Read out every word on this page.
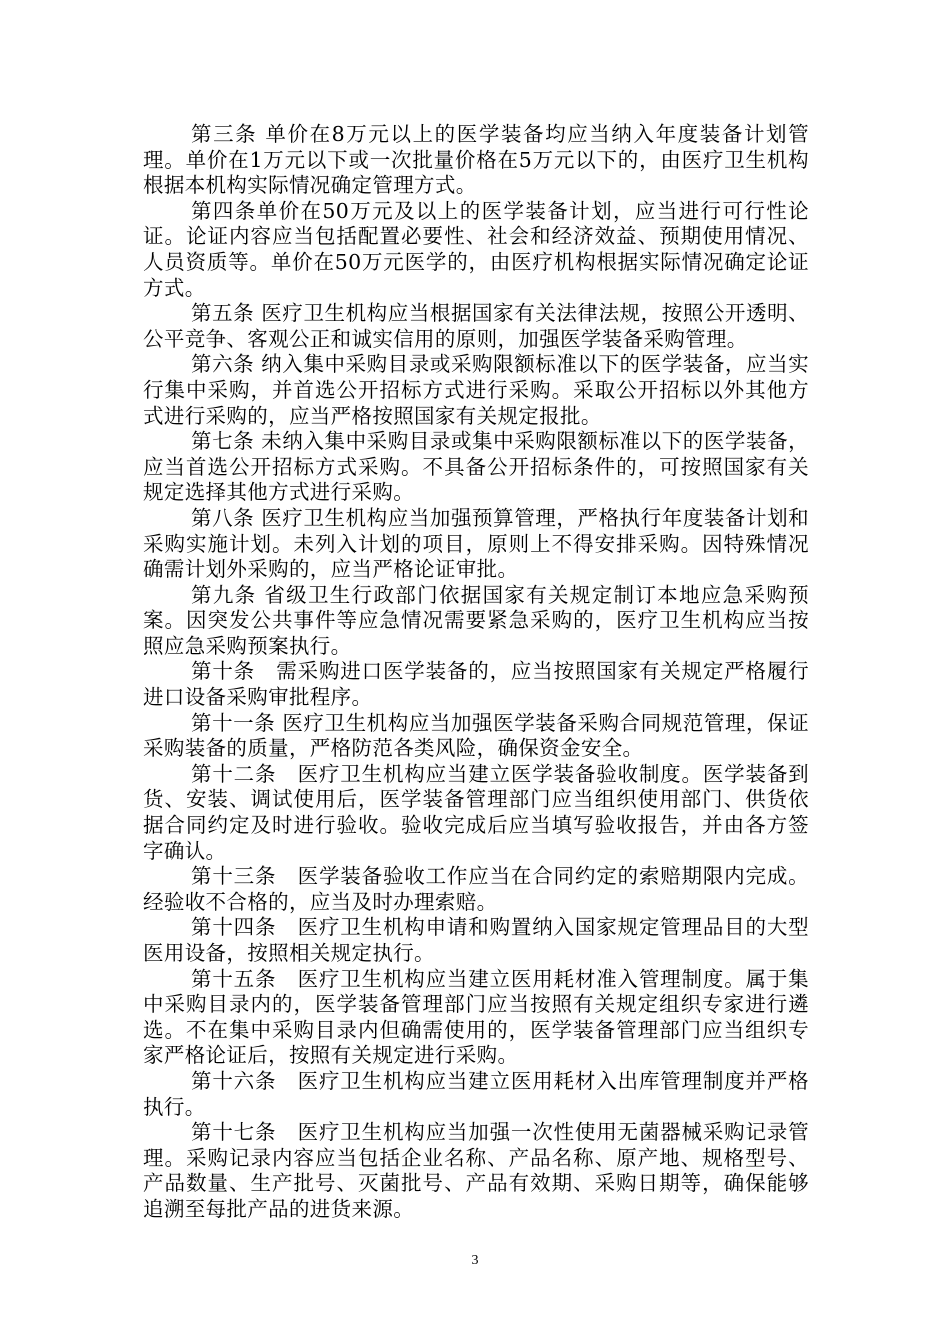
第三条 单价在8万元以上的医学装备均应当纳入年度装备计划管理。单价在1万元以下或一次批量价格在5万元以下的，由医疗卫生机构根据本机构实际情况确定管理方式。

第四条单价在50万元及以上的医学装备计划，应当进行可行性论证。论证内容应当包括配置必要性、社会和经济效益、预期使用情况、人员资质等。单价在50万元医学的，由医疗机构根据实际情况确定论证方式。

第五条 医疗卫生机构应当根据国家有关法律法规，按照公开透明、公平竞争、客观公正和诚实信用的原则，加强医学装备采购管理。

第六条 纳入集中采购目录或采购限额标准以下的医学装备，应当实行集中采购，并首选公开招标方式进行采购。采取公开招标以外其他方式进行采购的，应当严格按照国家有关规定报批。

第七条 未纳入集中采购目录或集中采购限额标准以下的医学装备，应当首选公开招标方式采购。不具备公开招标条件的，可按照国家有关规定选择其他方式进行采购。

第八条 医疗卫生机构应当加强预算管理，严格执行年度装备计划和采购实施计划。未列入计划的项目，原则上不得安排采购。因特殊情况确需计划外采购的，应当严格论证审批。

第九条 省级卫生行政部门依据国家有关规定制订本地应急采购预案。因突发公共事件等应急情况需要紧急采购的，医疗卫生机构应当按照应急采购预案执行。

第十条　需采购进口医学装备的，应当按照国家有关规定严格履行进口设备采购审批程序。

第十一条 医疗卫生机构应当加强医学装备采购合同规范管理，保证采购装备的质量，严格防范各类风险，确保资金安全。

第十二条　医疗卫生机构应当建立医学装备验收制度。医学装备到货、安装、调试使用后，医学装备管理部门应当组织使用部门、供货依据合同约定及时进行验收。验收完成后应当填写验收报告，并由各方签字确认。

第十三条　医学装备验收工作应当在合同约定的索赔期限内完成。经验收不合格的，应当及时办理索赔。

第十四条　医疗卫生机构申请和购置纳入国家规定管理品目的大型医用设备，按照相关规定执行。

第十五条　医疗卫生机构应当建立医用耗材准入管理制度。属于集中采购目录内的，医学装备管理部门应当按照有关规定组织专家进行遴选。不在集中采购目录内但确需使用的，医学装备管理部门应当组织专家严格论证后，按照有关规定进行采购。

第十六条　医疗卫生机构应当建立医用耗材入出库管理制度并严格执行。

第十七条　医疗卫生机构应当加强一次性使用无菌器械采购记录管理。采购记录内容应当包括企业名称、产品名称、原产地、规格型号、产品数量、生产批号、灭菌批号、产品有效期、采购日期等，确保能够追溯至每批产品的进货来源。

3
